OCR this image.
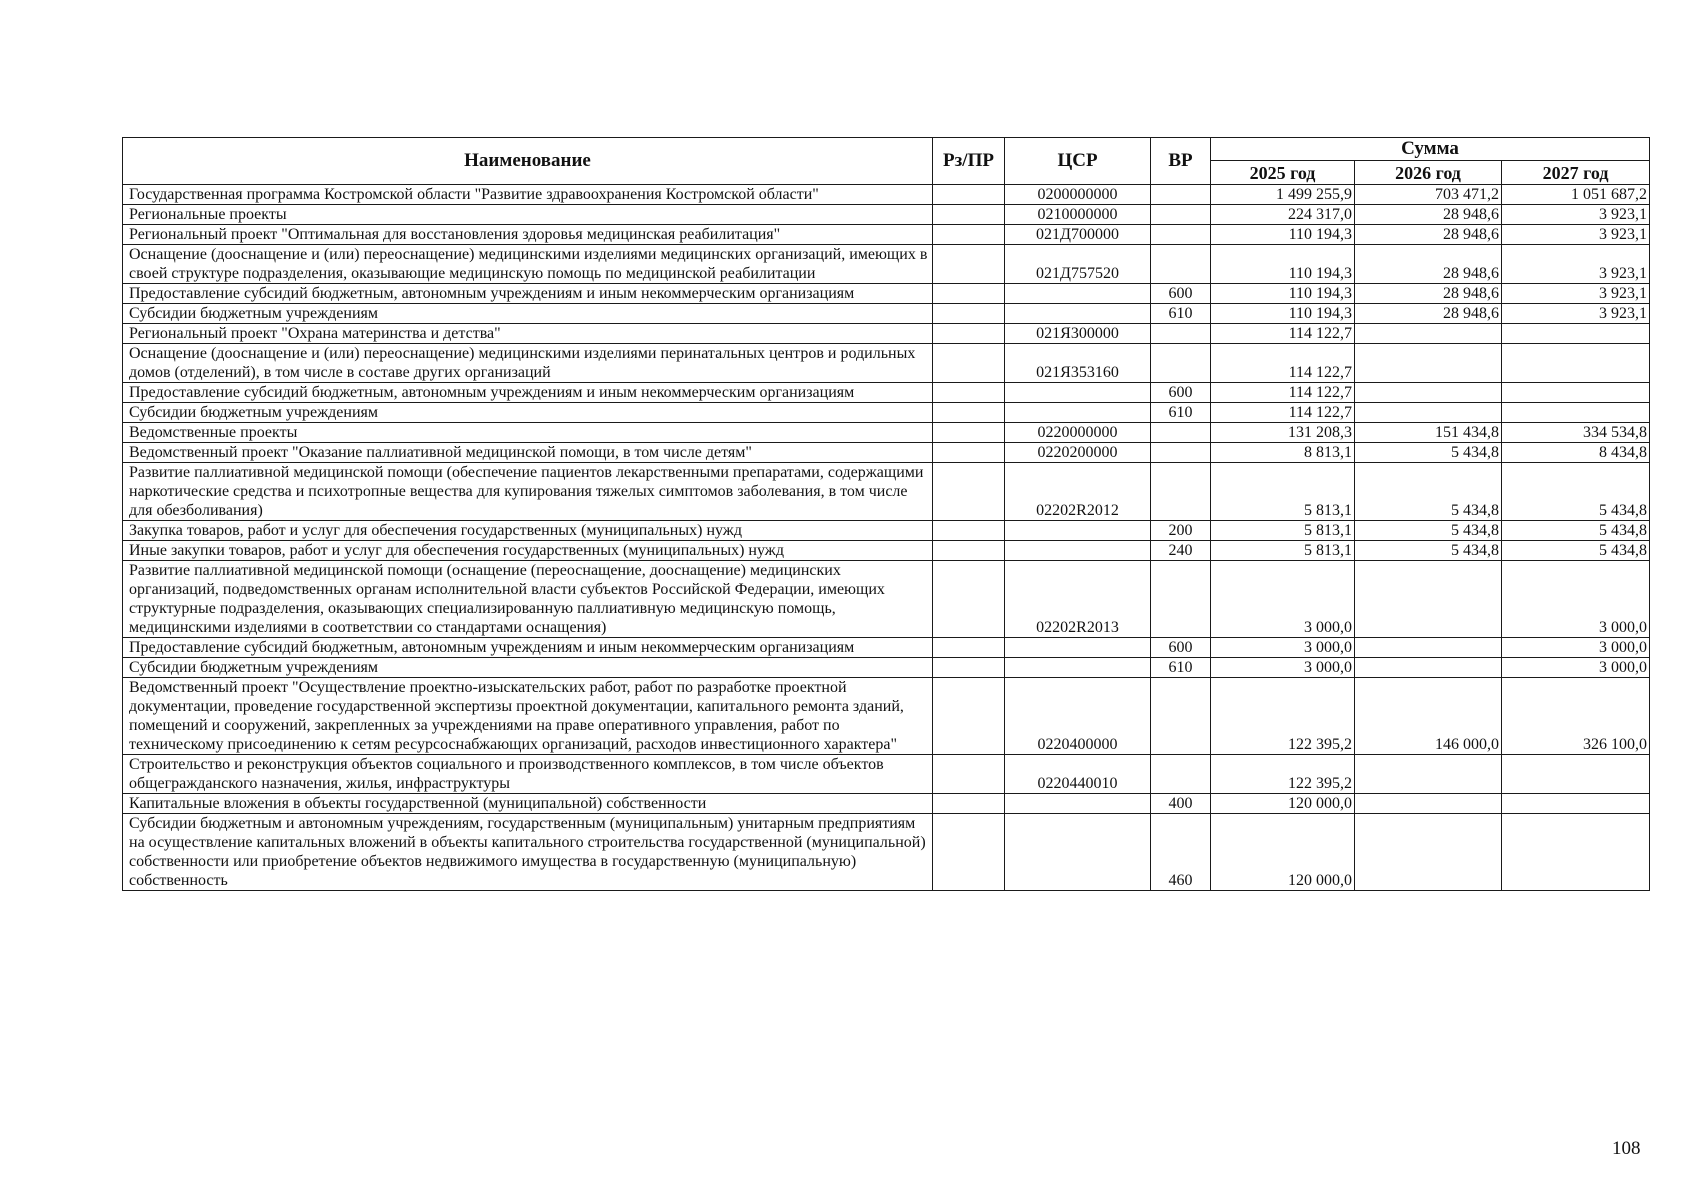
Наименование	Рз/ПР	ЦСР	ВР	Сумма		
				2025 год	2026 год	2027 год
Государственная программа Костромской области "Развитие здравоохранения Костромской области"		0200000000		1 499 255,9	703 471,2	1 051 687,2
Региональные проекты		0210000000		224 317,0	28 948,6	3 923,1
Региональный проект "Оптимальная для восстановления здоровья медицинская реабилитация"		021Д700000		110 194,3	28 948,6	3 923,1
Оснащение (дооснащение и (или) переоснащение) медицинскими изделиями медицинских организаций, имеющих в своей структуре подразделения, оказывающие медицинскую помощь по медицинской реабилитации		021Д757520		110 194,3	28 948,6	3 923,1
Предоставление субсидий бюджетным, автономным учреждениям и иным некоммерческим организациям			600	110 194,3	28 948,6	3 923,1
Субсидии бюджетным учреждениям			610	110 194,3	28 948,6	3 923,1
Региональный проект "Охрана материнства и детства"		021Я300000		114 122,7		
Оснащение (дооснащение и (или) переоснащение) медицинскими изделиями перинатальных центров и родильных домов (отделений), в том числе в составе других организаций		021Я353160		114 122,7		
Предоставление субсидий бюджетным, автономным учреждениям и иным некоммерческим организациям			600	114 122,7		
Субсидии бюджетным учреждениям			610	114 122,7		
Ведомственные проекты		0220000000		131 208,3	151 434,8	334 534,8
Ведомственный проект "Оказание паллиативной медицинской помощи, в том числе детям"		0220200000		8 813,1	5 434,8	8 434,8
Развитие паллиативной медицинской помощи (обеспечение пациентов лекарственными препаратами, содержащими наркотические средства и психотропные вещества для купирования тяжелых симптомов заболевания, в том числе для обезболивания)		02202R2012		5 813,1	5 434,8	5 434,8
Закупка товаров, работ и услуг для обеспечения государственных (муниципальных) нужд			200	5 813,1	5 434,8	5 434,8
Иные закупки товаров, работ и услуг для обеспечения государственных (муниципальных) нужд			240	5 813,1	5 434,8	5 434,8
Развитие паллиативной медицинской помощи (оснащение (переоснащение, дооснащение) медицинских организаций, подведомственных органам исполнительной власти субъектов Российской Федерации, имеющих структурные подразделения, оказывающих специализированную паллиативную медицинскую помощь, медицинскими изделиями в соответствии со стандартами оснащения)		02202R2013		3 000,0		3 000,0
Предоставление субсидий бюджетным, автономным учреждениям и иным некоммерческим организациям			600	3 000,0		3 000,0
Субсидии бюджетным учреждениям			610	3 000,0		3 000,0
Ведомственный проект "Осуществление проектно-изыскательских работ, работ по разработке проектной документации, проведение государственной экспертизы проектной документации, капитального ремонта зданий, помещений и сооружений, закрепленных за учреждениями на праве оперативного управления, работ по техническому присоединению к сетям ресурсоснабжающих организаций, расходов инвестиционного характера"		0220400000		122 395,2	146 000,0	326 100,0
Строительство и реконструкция объектов социального и производственного комплексов, в том числе объектов общегражданского назначения, жилья, инфраструктуры		0220440010		122 395,2		
Капитальные вложения в объекты государственной (муниципальной) собственности			400	120 000,0		
Субсидии бюджетным и автономным учреждениям, государственным (муниципальным) унитарным предприятиям на осуществление капитальных вложений в объекты капитального строительства государственной (муниципальной) собственности или приобретение объектов недвижимого имущества в государственную (муниципальную) собственность			460	120 000,0		
108
